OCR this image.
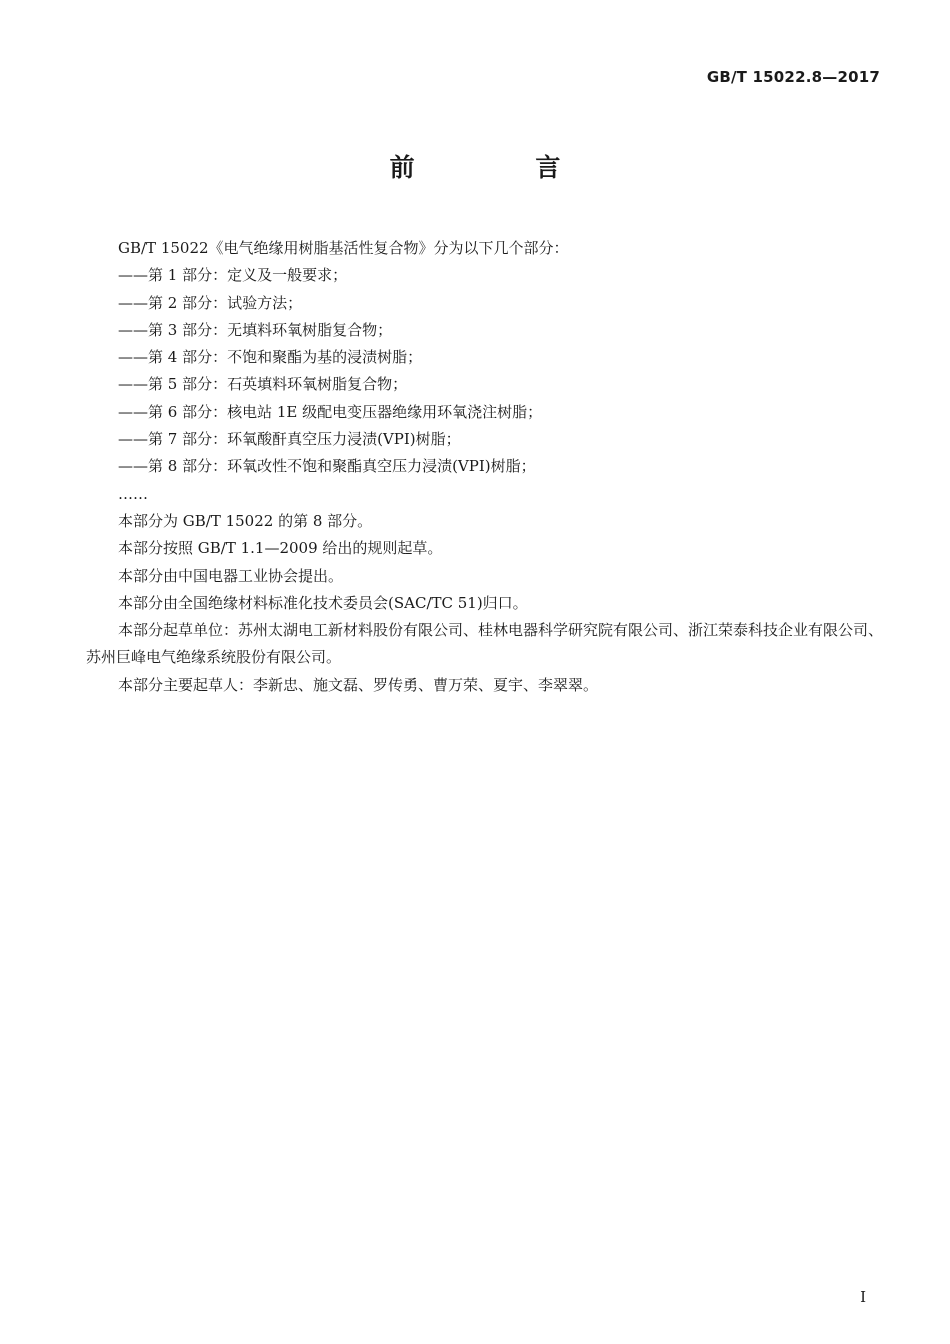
GB/T 15022.8—2017
前 言

GB/T 15022《电气绝缘用树脂基活性复合物》分为以下几个部分：

——第 1 部分：定义及一般要求；

——第 2 部分：试验方法；

——第 3 部分：无填料环氧树脂复合物；

——第 4 部分：不饱和聚酯为基的浸渍树脂；

——第 5 部分：石英填料环氧树脂复合物；

——第 6 部分：核电站 1E 级配电变压器绝缘用环氧浇注树脂；

——第 7 部分：环氧酸酐真空压力浸渍(VPI)树脂；

——第 8 部分：环氧改性不饱和聚酯真空压力浸渍(VPI)树脂；

……

本部分为 GB/T 15022 的第 8 部分。

本部分按照 GB/T 1.1—2009 给出的规则起草。

本部分由中国电器工业协会提出。

本部分由全国绝缘材料标准化技术委员会(SAC/TC 51)归口。

本部分起草单位：苏州太湖电工新材料股份有限公司、桂林电器科学研究院有限公司、浙江荣泰科技企业有限公司、苏州巨峰电气绝缘系统股份有限公司。

本部分主要起草人：李新忠、施文磊、罗传勇、曹万荣、夏宇、李翠翠。

I
